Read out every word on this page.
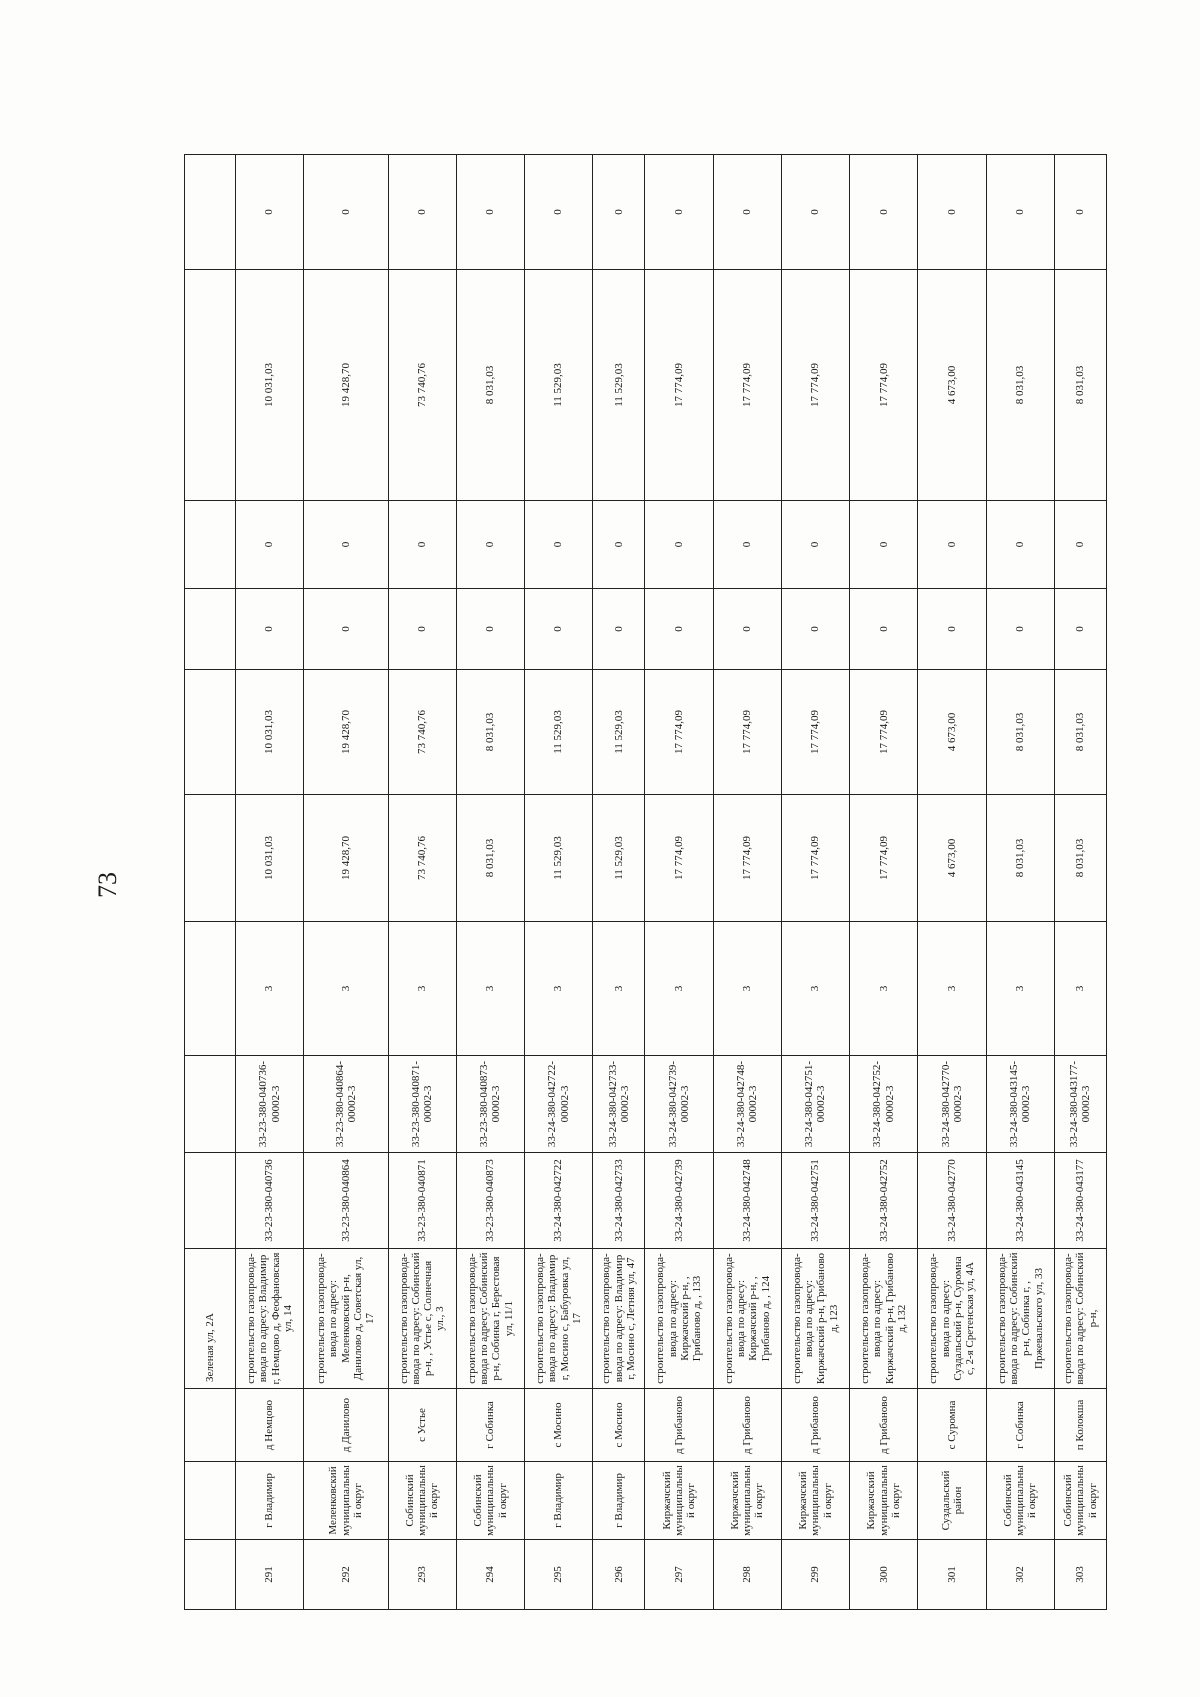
73
			Зеленая ул, 2А									
291	г Владимир	д Немцово	строительство газопровода-ввода по адресу: Владимир г, Немцово д, Феофановская ул, 14	33-23-380-040736	33-23-380-040736-00002-3	3	10 031,03	10 031,03	0	0	10 031,03	0
292	Меленковский муниципальный округ	д Данилово	строительство газопровода-ввода по адресу: Меленковский р-н, Данилово д, Советская ул, 17	33-23-380-040864	33-23-380-040864-00002-3	3	19 428,70	19 428,70	0	0	19 428,70	0
293	Собинский муниципальный округ	с Устье	строительство газопровода-ввода по адресу: Собинский р-н, , Устье с, Солнечная ул., 3	33-23-380-040871	33-23-380-040871-00002-3	3	73 740,76	73 740,76	0	0	73 740,76	0
294	Собинский муниципальный округ	г Собинка	строительство газопровода-ввода по адресу: Собинский р-н, Собинка г, Берестовая ул, 11/1	33-23-380-040873	33-23-380-040873-00002-3	3	8 031,03	8 031,03	0	0	8 031,03	0
295	г Владимир	с Мосино	строительство газопровода-ввода по адресу: Владимир г, Мосино с, Бабуровка ул, 17	33-24-380-042722	33-24-380-042722-00002-3	3	11 529,03	11 529,03	0	0	11 529,03	0
296	г Владимир	с Мосино	строительство газопровода-ввода по адресу: Владимир г, Мосино с, Летняя ул, 47	33-24-380-042733	33-24-380-042733-00002-3	3	11 529,03	11 529,03	0	0	11 529,03	0
297	Киржачский муниципальный округ	д Грибаново	строительство газопровода-ввода по адресу: Киржачский р-н, , Грибаново д, , 133	33-24-380-042739	33-24-380-042739-00002-3	3	17 774,09	17 774,09	0	0	17 774,09	0
298	Киржачский муниципальный округ	д Грибаново	строительство газопровода-ввода по адресу: Киржачский р-н, , Грибаново д, , 124	33-24-380-042748	33-24-380-042748-00002-3	3	17 774,09	17 774,09	0	0	17 774,09	0
299	Киржачский муниципальный округ	д Грибаново	строительство газопровода-ввода по адресу: Киржачский р-н, Грибаново д, 123	33-24-380-042751	33-24-380-042751-00002-3	3	17 774,09	17 774,09	0	0	17 774,09	0
300	Киржачский муниципальный округ	д Грибаново	строительство газопровода-ввода по адресу: Киржачский р-н, Грибаново д, 132	33-24-380-042752	33-24-380-042752-00002-3	3	17 774,09	17 774,09	0	0	17 774,09	0
301	Суздальский район	с Суромна	строительство газопровода-ввода по адресу: Суздальский р-н, Суромна с, 2-я Сретенская ул, 4А	33-24-380-042770	33-24-380-042770-00002-3	3	4 673,00	4 673,00	0	0	4 673,00	0
302	Собинский муниципальный округ	г Собинка	строительство газопровода-ввода по адресу: Собинский р-н, Собинка г, , Пржевальского ул, 33	33-24-380-043145	33-24-380-043145-00002-3	3	8 031,03	8 031,03	0	0	8 031,03	0
303	Собинский муниципальный округ	п Колокша	строительство газопровода-ввода по адресу: Собинский р-н,	33-24-380-043177	33-24-380-043177-00002-3	3	8 031,03	8 031,03	0	0	8 031,03	0
